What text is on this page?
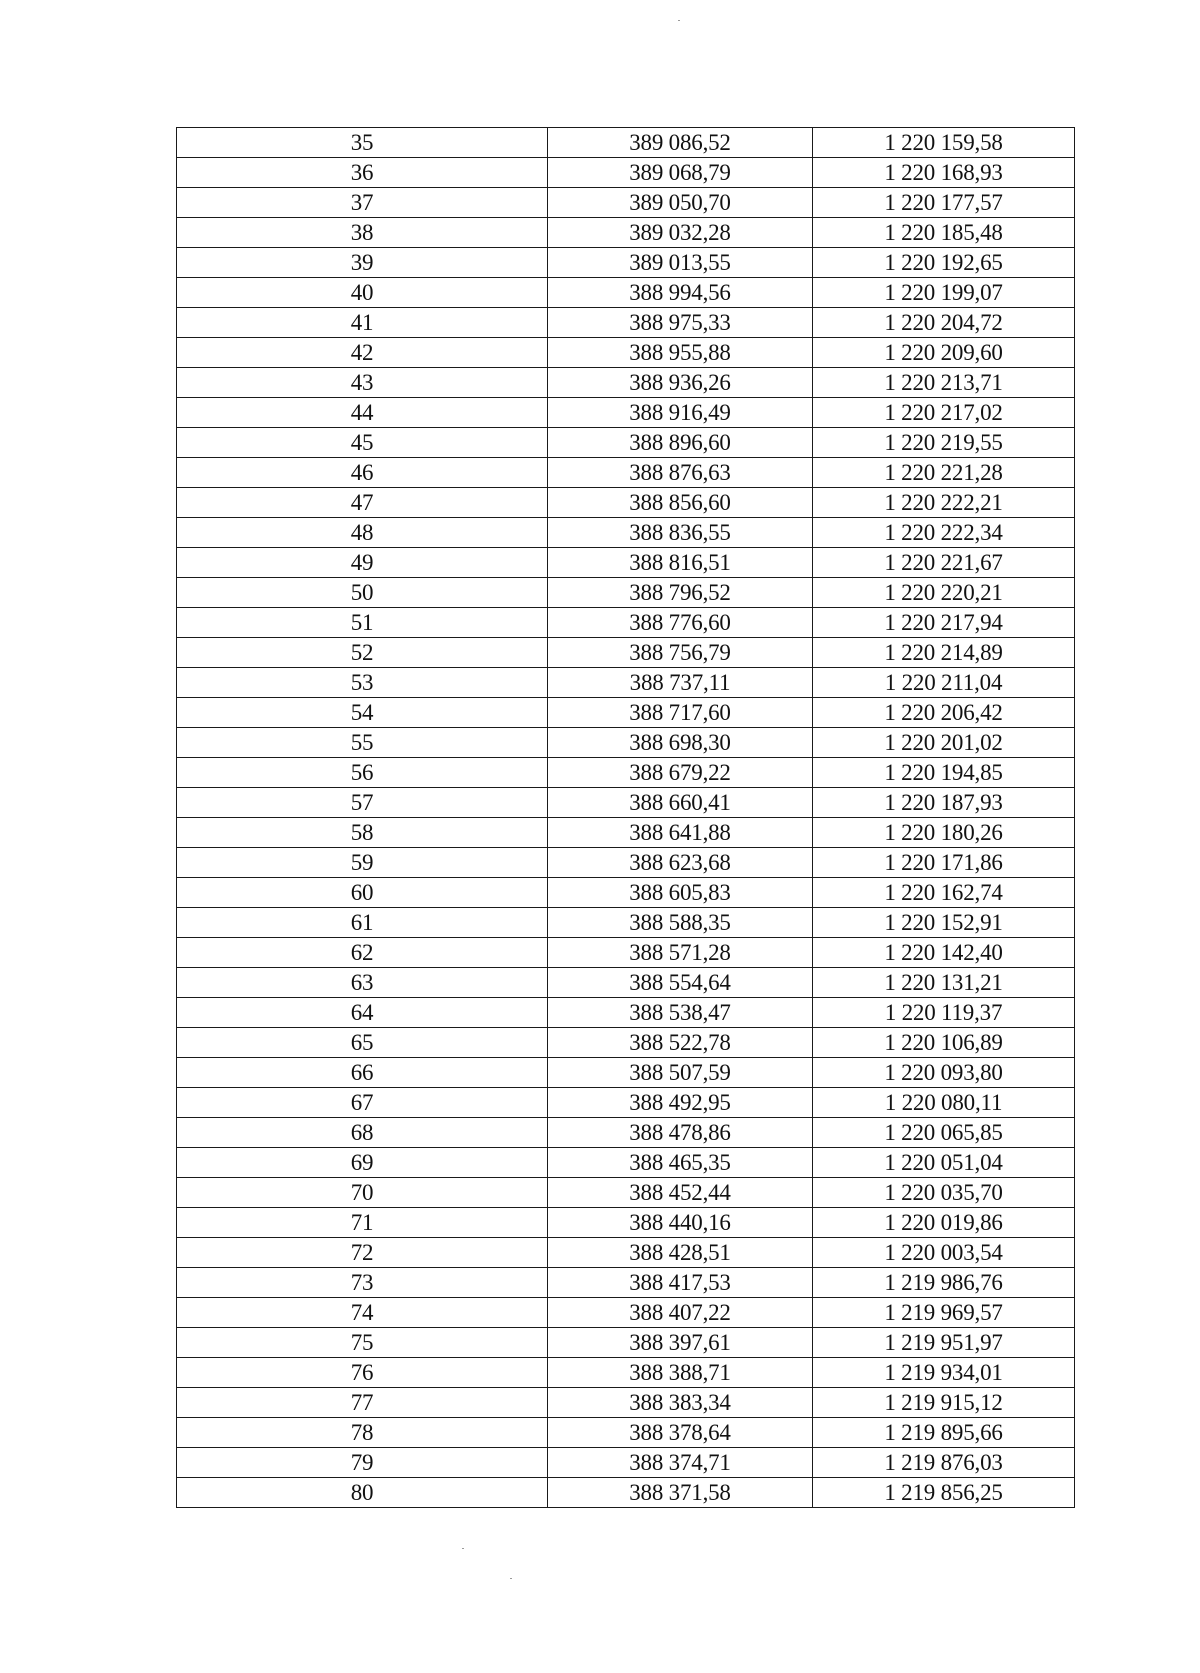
35	389 086,52	1 220 159,58
36	389 068,79	1 220 168,93
37	389 050,70	1 220 177,57
38	389 032,28	1 220 185,48
39	389 013,55	1 220 192,65
40	388 994,56	1 220 199,07
41	388 975,33	1 220 204,72
42	388 955,88	1 220 209,60
43	388 936,26	1 220 213,71
44	388 916,49	1 220 217,02
45	388 896,60	1 220 219,55
46	388 876,63	1 220 221,28
47	388 856,60	1 220 222,21
48	388 836,55	1 220 222,34
49	388 816,51	1 220 221,67
50	388 796,52	1 220 220,21
51	388 776,60	1 220 217,94
52	388 756,79	1 220 214,89
53	388 737,11	1 220 211,04
54	388 717,60	1 220 206,42
55	388 698,30	1 220 201,02
56	388 679,22	1 220 194,85
57	388 660,41	1 220 187,93
58	388 641,88	1 220 180,26
59	388 623,68	1 220 171,86
60	388 605,83	1 220 162,74
61	388 588,35	1 220 152,91
62	388 571,28	1 220 142,40
63	388 554,64	1 220 131,21
64	388 538,47	1 220 119,37
65	388 522,78	1 220 106,89
66	388 507,59	1 220 093,80
67	388 492,95	1 220 080,11
68	388 478,86	1 220 065,85
69	388 465,35	1 220 051,04
70	388 452,44	1 220 035,70
71	388 440,16	1 220 019,86
72	388 428,51	1 220 003,54
73	388 417,53	1 219 986,76
74	388 407,22	1 219 969,57
75	388 397,61	1 219 951,97
76	388 388,71	1 219 934,01
77	388 383,34	1 219 915,12
78	388 378,64	1 219 895,66
79	388 374,71	1 219 876,03
80	388 371,58	1 219 856,25
